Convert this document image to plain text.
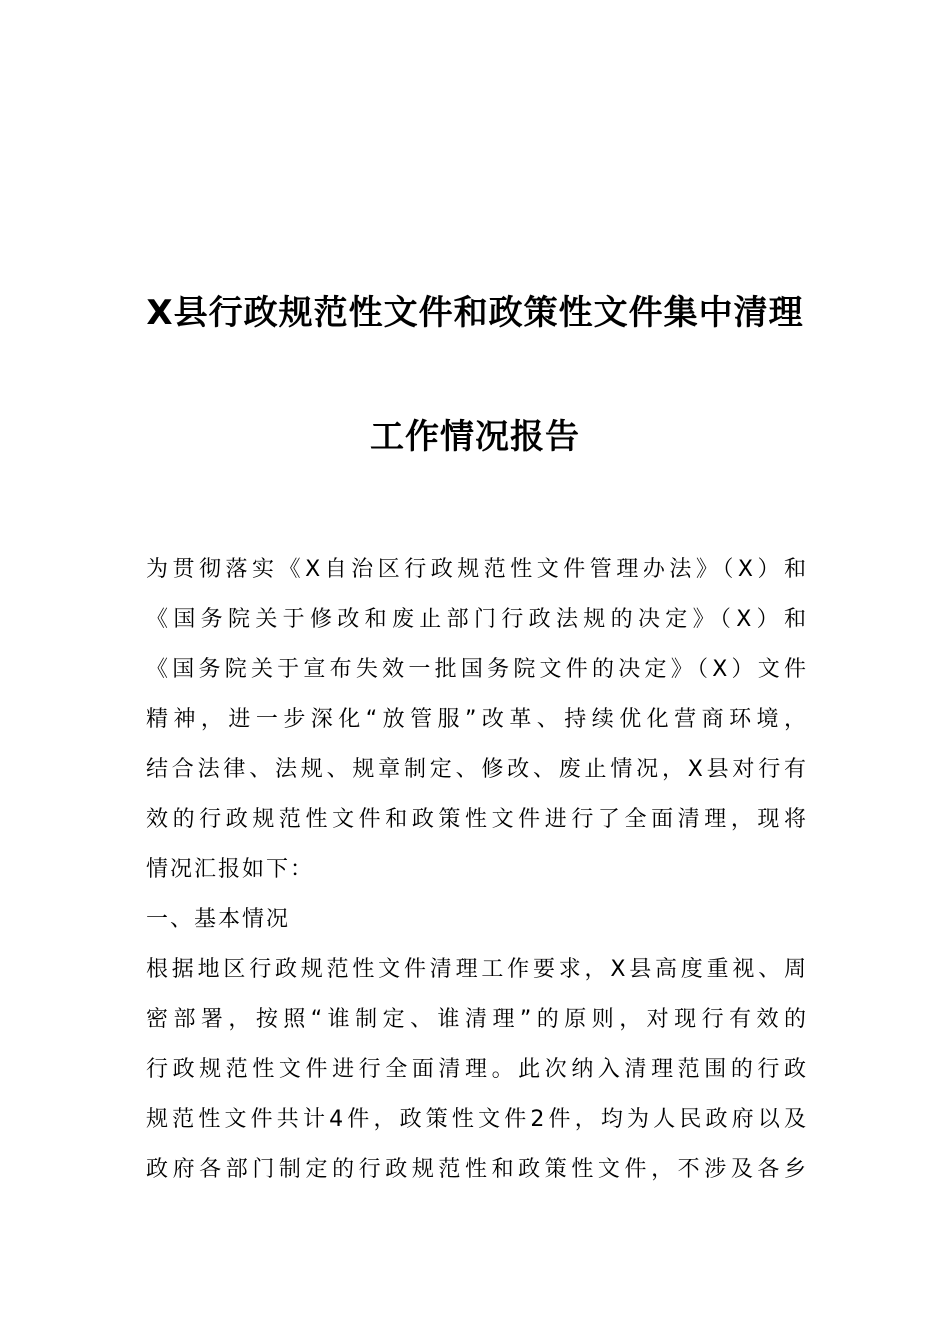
X县行政规范性文件和政策性文件集中清理
工作情况报告
为贯彻落实《X自治区行政规范性文件管理办法》（X）和
《国务院关于修改和废止部门行政法规的决定》（X）和
《国务院关于宣布失效一批国务院文件的决定》（X）文件
精神，进一步深化“放管服”改革、持续优化营商环境，
结合法律、法规、规章制定、修改、废止情况，X县对行有
效的行政规范性文件和政策性文件进行了全面清理，现将
情况汇报如下：
一、基本情况
根据地区行政规范性文件清理工作要求，X县高度重视、周
密部署，按照“谁制定、谁清理”的原则，对现行有效的
行政规范性文件进行全面清理。此次纳入清理范围的行政
规范性文件共计4件，政策性文件2件，均为人民政府以及
政府各部门制定的行政规范性和政策性文件，不涉及各乡
